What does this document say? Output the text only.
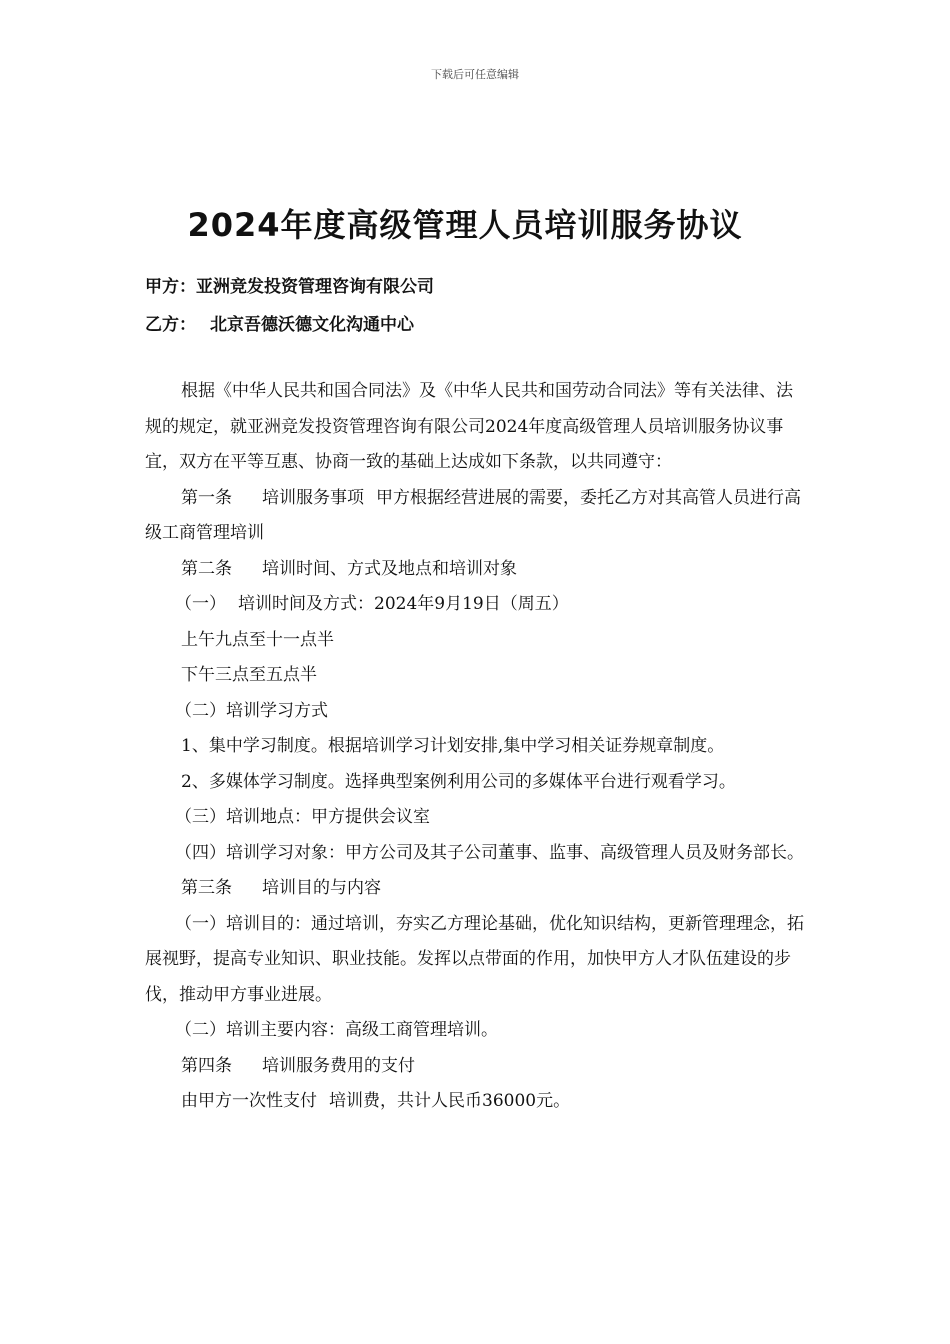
下载后可任意编辑
2024年度高级管理人员培训服务协议
甲方：亚洲竞发投资管理咨询有限公司
乙方： 北京吾德沃德文化沟通中心

根据《中华人民共和国合同法》及《中华人民共和国劳动合同法》等有关法律、法规的规定，就亚洲竞发投资管理咨询有限公司2024年度高级管理人员培训服务协议事宜，双方在平等互惠、协商一致的基础上达成如下条款，以共同遵守：

第一条 培训服务事项 甲方根据经营进展的需要，委托乙方对其高管人员进行高级工商管理培训

第二条 培训时间、方式及地点和培训对象

（一） 培训时间及方式：2024年9月19日（周五）

上午九点至十一点半

下午三点至五点半

（二）培训学习方式

1、集中学习制度。根据培训学习计划安排,集中学习相关证券规章制度。

2、多媒体学习制度。选择典型案例利用公司的多媒体平台进行观看学习。

（三）培训地点：甲方提供会议室

（四）培训学习对象：甲方公司及其子公司董事、监事、高级管理人员及财务部长。

第三条 培训目的与内容

（一）培训目的：通过培训，夯实乙方理论基础，优化知识结构，更新管理理念，拓展视野，提高专业知识、职业技能。发挥以点带面的作用，加快甲方人才队伍建设的步伐，推动甲方事业进展。

（二）培训主要内容：高级工商管理培训。

第四条 培训服务费用的支付

由甲方一次性支付 培训费，共计人民币36000元。
